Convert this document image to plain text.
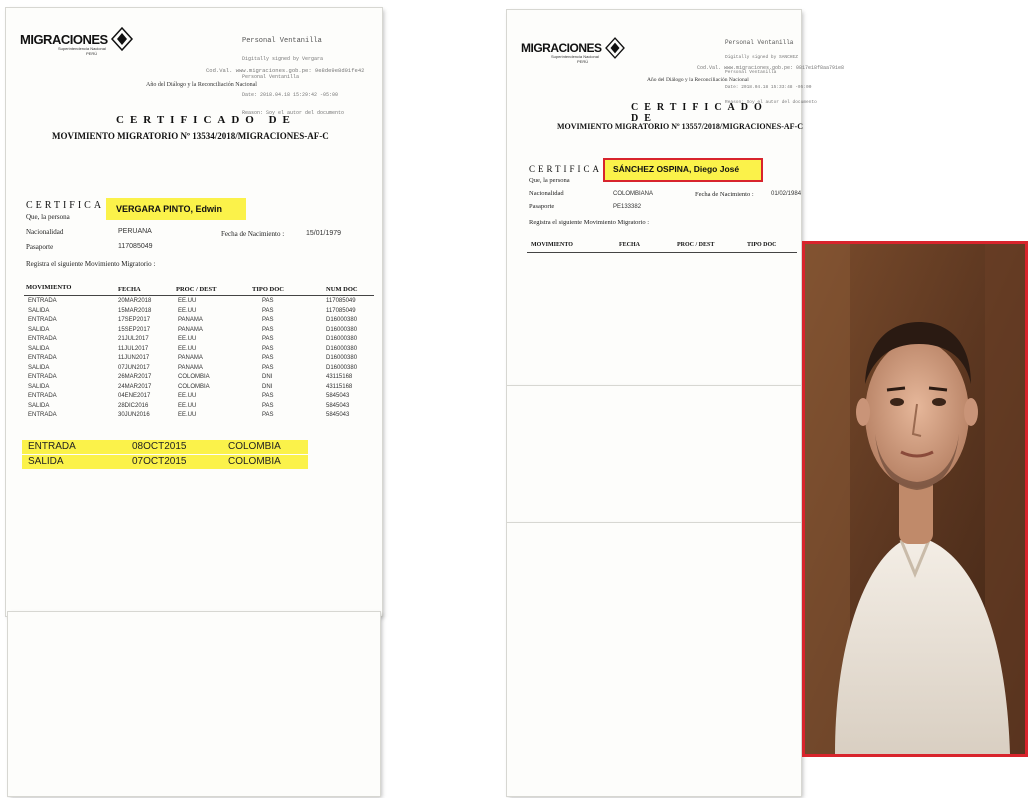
MIGRACIONES
Superintendencia Nacional
PERÚ

Personal Ventanilla

Digitally signed by Vergara

Personal Ventanilla

Date: 2018.04.18 15:29:42 -05:00

Reason: Soy el autor del documento

Cod.Val. www.migraciones.gob.pe: 9e8de9e8d01fe42
Año del Diálogo y la Reconciliación Nacional
CERTIFICADO DE
MOVIMIENTO MIGRATORIO Nº 13534/2018/MIGRACIONES-AF-C
CERTIFICA
Que, la persona
VERGARA PINTO, Edwin
Nacionalidad	PERUANA	Fecha de Nacimiento :	15/01/1979
Pasaporte	117085049
Registra el siguiente Movimiento Migratorio :
MOVIMIENTO	FECHA	PROC / DEST	TIPO DOC	NUM DOC
ENTRADA	20MAR2018	EE.UU	PAS	117085049
SALIDA	15MAR2018	EE.UU	PAS	117085049
ENTRADA	17SEP2017	PANAMA	PAS	D16000380
SALIDA	15SEP2017	PANAMA	PAS	D16000380
ENTRADA	21JUL2017	EE.UU	PAS	D16000380
SALIDA	11JUL2017	EE.UU	PAS	D16000380
ENTRADA	11JUN2017	PANAMA	PAS	D16000380
SALIDA	07JUN2017	PANAMA	PAS	D16000380
ENTRADA	26MAR2017	COLOMBIA	DNI	43115168
SALIDA	24MAR2017	COLOMBIA	DNI	43115168
ENTRADA	04ENE2017	EE.UU	PAS	5845043
SALIDA	28DIC2016	EE.UU	PAS	5845043
ENTRADA	30JUN2016	EE.UU	PAS	5845043
ENTRADA	08OCT2015	COLOMBIA
SALIDA	07OCT2015	COLOMBIA
MIGRACIONES
Superintendencia Nacional
PERÚ

Personal Ventanilla

Digitally signed by SANCHEZ

Personal Ventanilla

Date: 2018.04.18 15:33:48 -05:00

Reason: Soy el autor del documento

Cod.Val. www.migraciones.gob.pe: 0817e18f8aa791e8
Año del Diálogo y la Reconciliación Nacional
CERTIFICADO DE
MOVIMIENTO MIGRATORIO Nº 13557/2018/MIGRACIONES-AF-C
CERTIFICA
Que, la persona
SÁNCHEZ OSPINA, Diego José
Nacionalidad	COLOMBIANA	Fecha de Nacimiento :	01/02/1984
Pasaporte	PE133382
Registra el siguiente Movimiento Migratorio :
MOVIMIENTO	FECHA	PROC / DEST	TIPO DOC
